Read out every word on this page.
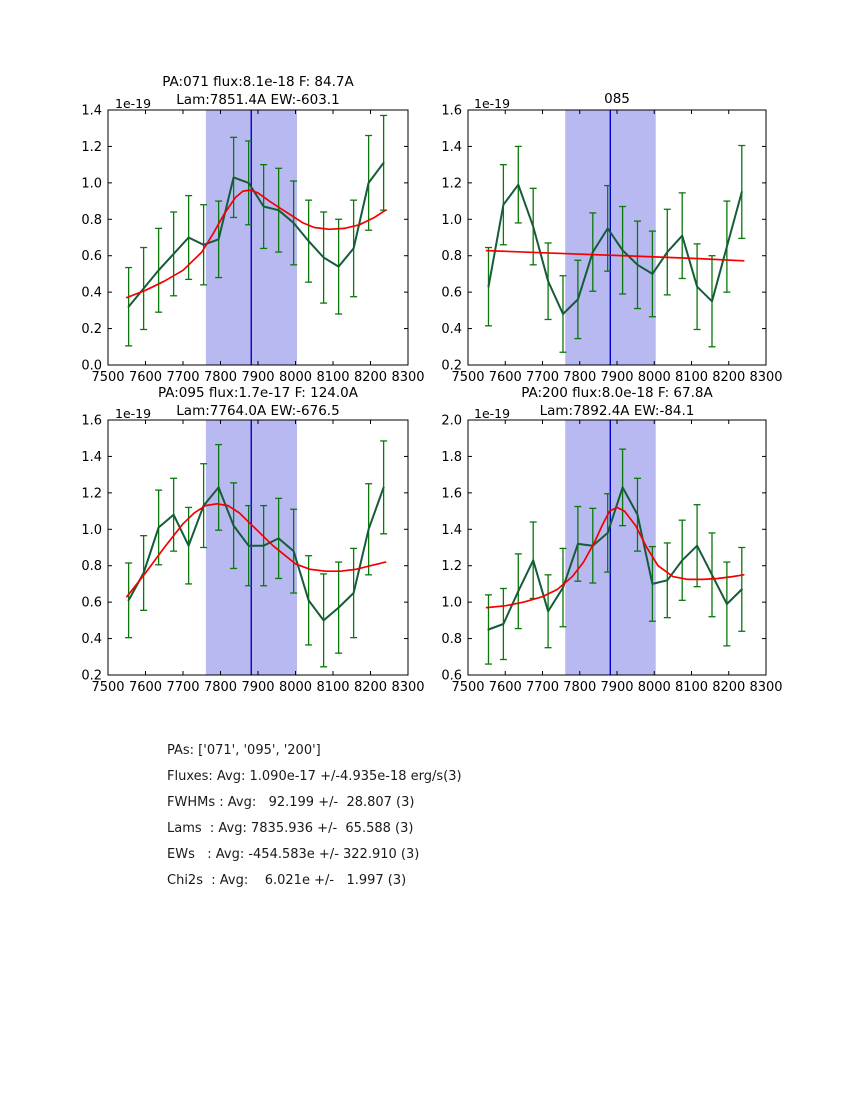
7500 7600 7700 7800 7900 8000 8100 8200 8300
0.0
0.2
0.4
0.6
0.8
1.0
1.2
1.4
7500 7600 7700 7800 7900 8000 8100 8200 8300
0.2
0.4
0.6
0.8
1.0
1.2
1.4
1.6
7500 7600 7700 7800 7900 8000 8100 8200 8300
0.2
0.4
0.6
0.8
1.0
1.2
1.4
1.6
7500 7600 7700 7800 7900 8000 8100 8200 8300
0.6
0.8
1.0
1.2
1.4
1.6
1.8
2.0
PA:071 flux:8.1e-18 F: 84.7A
Lam:7851.4A EW:-603.1	085
PA:095 flux:1.7e-17 F: 124.0A
Lam:7764.0A EW:-676.5
PA:200 flux:8.0e-18 F: 67.8A
Lam:7892.4A EW:-84.1
1e-19	1e-19
1e-19	1e-19
PAs: ['071', '095', '200']
Fluxes: Avg: 1.090e-17 +/-4.935e-18 erg/s(3)
FWHMs : Avg:   92.199 +/-  28.807 (3)
Lams  : Avg: 7835.936 +/-  65.588 (3)
EWs   : Avg: -454.583e +/- 322.910 (3)
Chi2s  : Avg:    6.021e +/-   1.997 (3)
